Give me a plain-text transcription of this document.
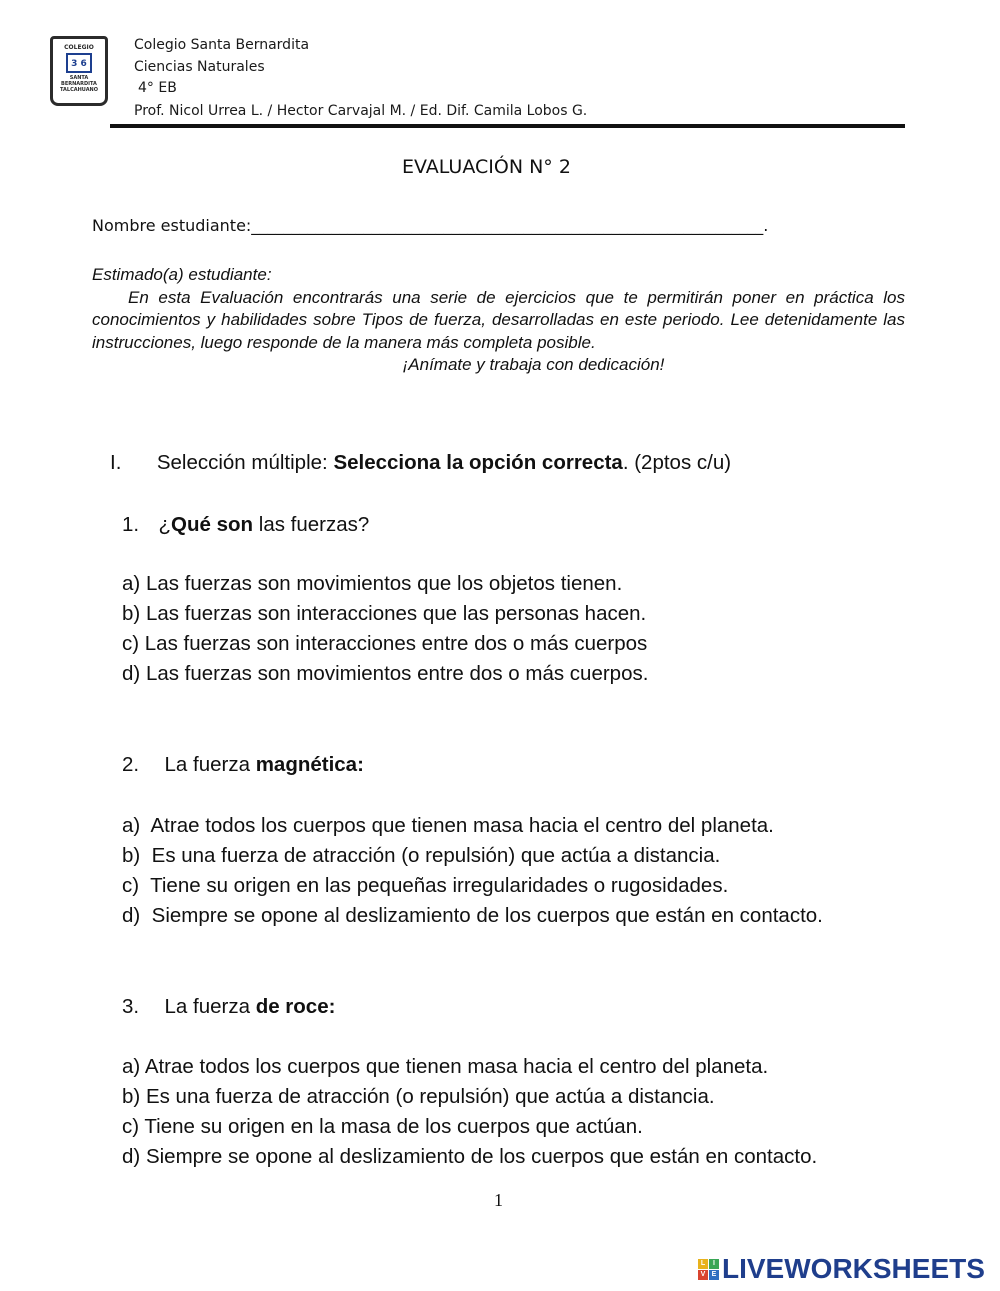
COLEGIO
3 6
SANTA
BERNARDITA
TALCAHUANO
Colegio Santa Bernardita
Ciencias Naturales
4° EB
Prof. Nicol Urrea L. / Hector Carvajal M. / Ed. Dif. Camila Lobos G.
EVALUACIÓN N° 2
Nombre estudiante:________________________________________________________________.

Estimado(a) estudiante:

En esta Evaluación encontrarás una serie de ejercicios que te permitirán poner en práctica los conocimientos y habilidades sobre Tipos de fuerza, desarrolladas en este periodo. Lee detenidamente las instrucciones, luego responde de la manera más completa posible.

¡Anímate y trabaja con dedicación!

I. Selección múltiple: Selecciona la opción correcta. (2ptos c/u)
1. ¿Qué son las fuerzas?
a) Las fuerzas son movimientos que los objetos tienen.
b) Las fuerzas son interacciones que las personas hacen.
c) Las fuerzas son interacciones entre dos o más cuerpos
d) Las fuerzas son movimientos entre dos o más cuerpos.
2. La fuerza magnética:
a) Atrae todos los cuerpos que tienen masa hacia el centro del planeta.
b) Es una fuerza de atracción (o repulsión) que actúa a distancia.
c) Tiene su origen en las pequeñas irregularidades o rugosidades.
d) Siempre se opone al deslizamiento de los cuerpos que están en contacto.
3. La fuerza de roce:
a) Atrae todos los cuerpos que tienen masa hacia el centro del planeta.
b) Es una fuerza de atracción (o repulsión) que actúa a distancia.
c) Tiene su origen en la masa de los cuerpos que actúan.
d) Siempre se opone al deslizamiento de los cuerpos que están en contacto.
1
L	I
V E LIVEWORKSHEETS
